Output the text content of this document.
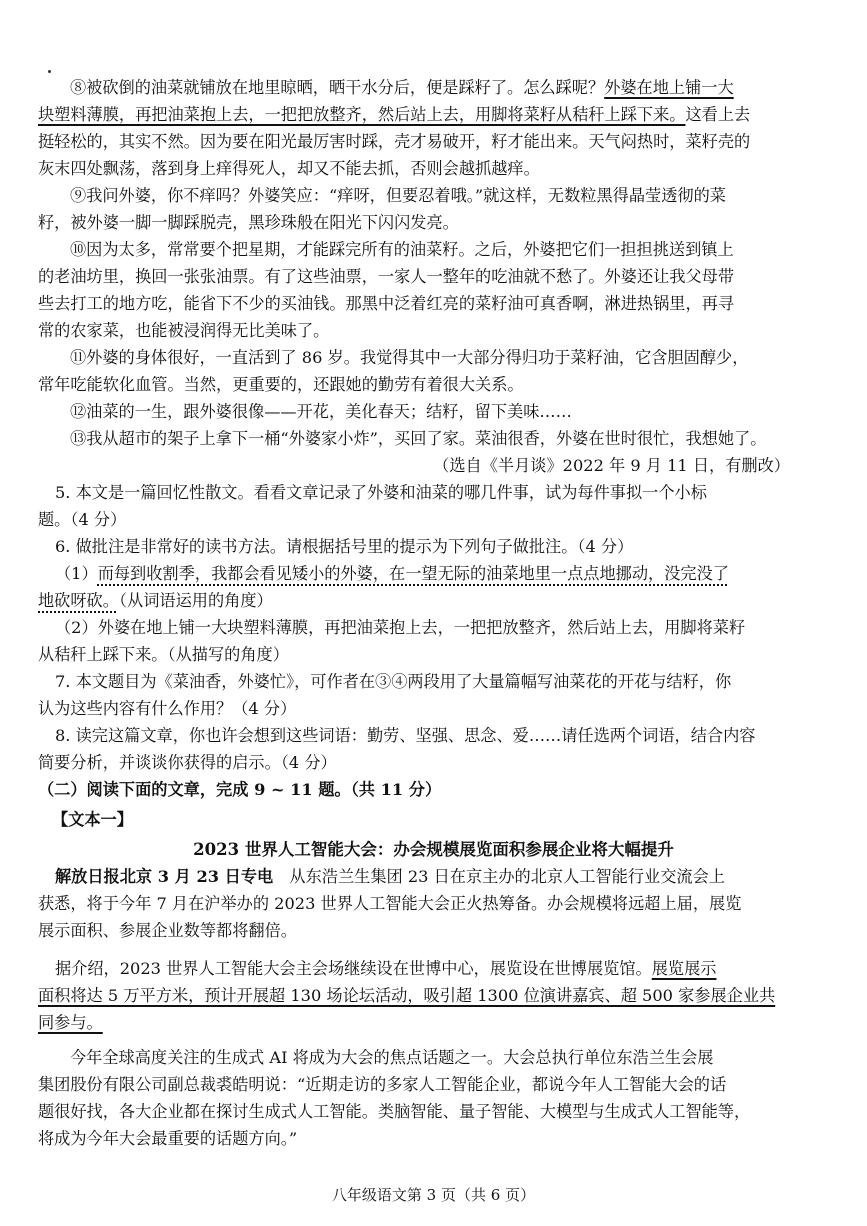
⑧被砍倒的油菜就铺放在地里晾晒，晒干水分后，便是踩籽了。怎么踩呢？外婆在地上铺一大
块塑料薄膜，再把油菜抱上去，一把把放整齐，然后站上去，用脚将菜籽从秸秆上踩下来。这看上去
挺轻松的，其实不然。因为要在阳光最厉害时踩，壳才易破开，籽才能出来。天气闷热时，菜籽壳的
灰末四处飘荡，落到身上痒得死人，却又不能去抓，否则会越抓越痒。
⑨我问外婆，你不痒吗？外婆笑应：“痒呀，但要忍着哦。”就这样，无数粒黑得晶莹透彻的菜
籽，被外婆一脚一脚踩脱壳，黑珍珠般在阳光下闪闪发亮。
⑩因为太多，常常要个把星期，才能踩完所有的油菜籽。之后，外婆把它们一担担挑送到镇上
的老油坊里，换回一张张油票。有了这些油票，一家人一整年的吃油就不愁了。外婆还让我父母带
些去打工的地方吃，能省下不少的买油钱。那黑中泛着红亮的菜籽油可真香啊，淋进热锅里，再寻
常的农家菜，也能被浸润得无比美味了。
⑪外婆的身体很好，一直活到了 86 岁。我觉得其中一大部分得归功于菜籽油，它含胆固醇少，
常年吃能软化血管。当然，更重要的，还跟她的勤劳有着很大关系。
⑫油菜的一生，跟外婆很像——开花，美化春天；结籽，留下美味……
⑬我从超市的架子上拿下一桶“外婆家小炸”，买回了家。菜油很香，外婆在世时很忙，我想她了。
（选自《半月谈》2022 年 9 月 11 日，有删改）
5. 本文是一篇回忆性散文。看看文章记录了外婆和油菜的哪几件事，试为每件事拟一个小标
题。（4 分）
6. 做批注是非常好的读书方法。请根据括号里的提示为下列句子做批注。（4 分）
（1）而每到收割季，我都会看见矮小的外婆，在一望无际的油菜地里一点点地挪动，没完没了
地砍呀砍。（从词语运用的角度）
（2）外婆在地上铺一大块塑料薄膜，再把油菜抱上去，一把把放整齐，然后站上去，用脚将菜籽
从秸秆上踩下来。（从描写的角度）
7. 本文题目为《菜油香，外婆忙》，可作者在③④两段用了大量篇幅写油菜花的开花与结籽，你
认为这些内容有什么作用？（4 分）
8. 读完这篇文章，你也许会想到这些词语：勤劳、坚强、思念、爱……请任选两个词语，结合内容
简要分析，并谈谈你获得的启示。（4 分）
（二）阅读下面的文章，完成 9 ~ 11 题。（共 11 分）
【文本一】
2023 世界人工智能大会：办会规模展览面积参展企业将大幅提升
解放日报北京 3 月 23 日专电　从东浩兰生集团 23 日在京主办的北京人工智能行业交流会上
获悉，将于今年 7 月在沪举办的 2023 世界人工智能大会正火热筹备。办会规模将远超上届，展览
展示面积、参展企业数等都将翻倍。
据介绍，2023 世界人工智能大会主会场继续设在世博中心，展览设在世博展览馆。展览展示
面积将达 5 万平方米，预计开展超 130 场论坛活动，吸引超 1300 位演讲嘉宾、超 500 家参展企业共
同参与。
今年全球高度关注的生成式 AI 将成为大会的焦点话题之一。大会总执行单位东浩兰生会展
集团股份有限公司副总裁裘皓明说：“近期走访的多家人工智能企业，都说今年人工智能大会的话
题很好找，各大企业都在探讨生成式人工智能。类脑智能、量子智能、大模型与生成式人工智能等，
将成为今年大会最重要的话题方向。”
八年级语文第 3 页（共 6 页）
